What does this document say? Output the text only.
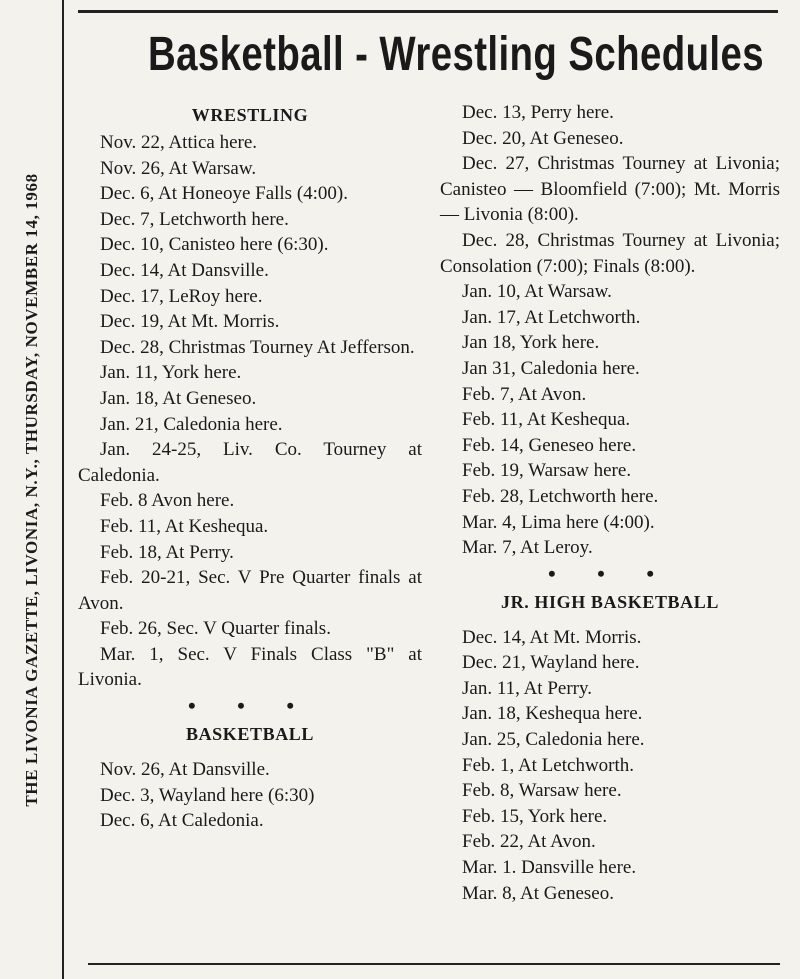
THE LIVONIA GAZETTE, LIVONIA, N.Y., THURSDAY, NOVEMBER 14, 1968
Basketball - Wrestling Schedules
WRESTLING

Nov. 22, Attica here.

Nov. 26, At Warsaw.

Dec. 6, At Honeoye Falls (4:00).

Dec. 7, Letchworth here.

Dec. 10, Canisteo here (6:30).

Dec. 14, At Dansville.

Dec. 17, LeRoy here.

Dec. 19, At Mt. Morris.

Dec. 28, Christmas Tourney At Jefferson.

Jan. 11, York here.

Jan. 18, At Geneseo.

Jan. 21, Caledonia here.

Jan. 24-25, Liv. Co. Tourney at Caledonia.

Feb. 8 Avon here.

Feb. 11, At Keshequa.

Feb. 18, At Perry.

Feb. 20-21, Sec. V Pre Quarter finals at Avon.

Feb. 26, Sec. V Quarter finals.

Mar. 1, Sec. V Finals Class "B" at Livonia.

• • •
BASKETBALL

Nov. 26, At Dansville.

Dec. 3, Wayland here (6:30)

Dec. 6, At Caledonia.

Dec. 13, Perry here.

Dec. 20, At Geneseo.

Dec. 27, Christmas Tourney at Livonia; Canisteo — Bloomfield (7:00); Mt. Morris — Livonia (8:00).

Dec. 28, Christmas Tourney at Livonia; Consolation (7:00); Finals (8:00).

Jan. 10, At Warsaw.

Jan. 17, At Letchworth.

Jan 18, York here.

Jan 31, Caledonia here.

Feb. 7, At Avon.

Feb. 11, At Keshequa.

Feb. 14, Geneseo here.

Feb. 19, Warsaw here.

Feb. 28, Letchworth here.

Mar. 4, Lima here (4:00).

Mar. 7, At Leroy.

• • •
JR. HIGH BASKETBALL

Dec. 14, At Mt. Morris.

Dec. 21, Wayland here.

Jan. 11, At Perry.

Jan. 18, Keshequa here.

Jan. 25, Caledonia here.

Feb. 1, At Letchworth.

Feb. 8, Warsaw here.

Feb. 15, York here.

Feb. 22, At Avon.

Mar. 1. Dansville here.

Mar. 8, At Geneseo.
